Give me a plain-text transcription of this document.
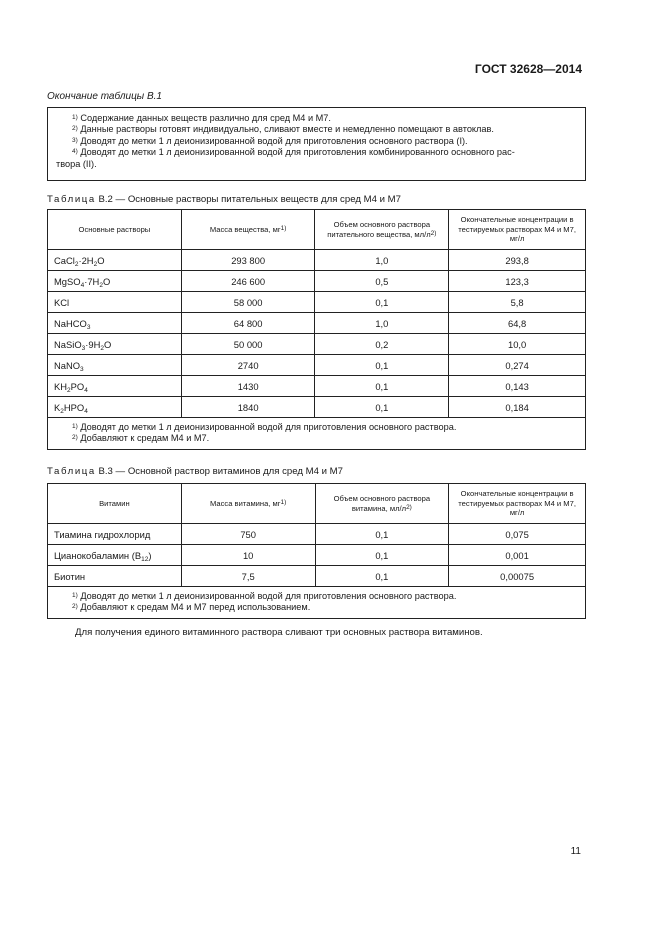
ГОСТ 32628—2014
Окончание таблицы В.1

$^{1)}$ Содержание данных веществ различно для сред М4 и М7.

$^{2)}$ Данные растворы готовят индивидуально, сливают вместе и немедленно помещают в автоклав.

$^{3)}$ Доводят до метки 1 л деионизированной водой для приготовления основного раствора (I).

$^{4)}$ Доводят до метки 1 л деионизированной водой для приготовления комбинированного основного рас-

твора (II).

Таблица В.2 — Основные растворы питательных веществ для сред М4 и М7
Основные растворы	Масса вещества, $мг^{1)}$	Объем основного раствора питательного вещества, $мл/л^{2)}$	Окончательные концентрации в тестируемых растворах М4 и М7, мг/л
$CaCl_2\cdot 2H_2O$	293 800	1,0	293,8
$MgSO_4\cdot 7H_2O$	246 600	0,5	123,3
KCl	58 000	0,1	5,8
NaHCO$_3$	64 800	1,0	64,8
$NaSiO_3\cdot 9H_2O$	50 000	0,2	10,0
NaNO$_3$	2740	0,1	0,274
$KH_2PO_4$	1430	0,1	0,143
$K_2HPO_4$	1840	0,1	0,184

$^{1)}$ Доводят до метки 1 л деионизированной водой для приготовления основного раствора.
$^{2)}$ Добавляют к средам М4 и М7.			
Таблица В.3 — Основной раствор витаминов для сред М4 и М7
Витамин	Масса витамина, $мг^{1)}$	Объем основного раствора витамина, $мл/л^{2)}$	Окончательные концентрации в тестируемых растворах М4 и М7, мг/л
Тиамина гидрохлорид	750	0,1	0,075
Цианокобаламин $(B_{12})$	10	0,1	0,001
Биотин	7,5	0,1	0,00075

$^{1)}$ Доводят до метки 1 л деионизированной водой для приготовления основного раствора.
$^{2)}$ Добавляют к средам М4 и М7 перед использованием.			
Для получения единого витаминного раствора сливают три основных раствора витаминов.
11
